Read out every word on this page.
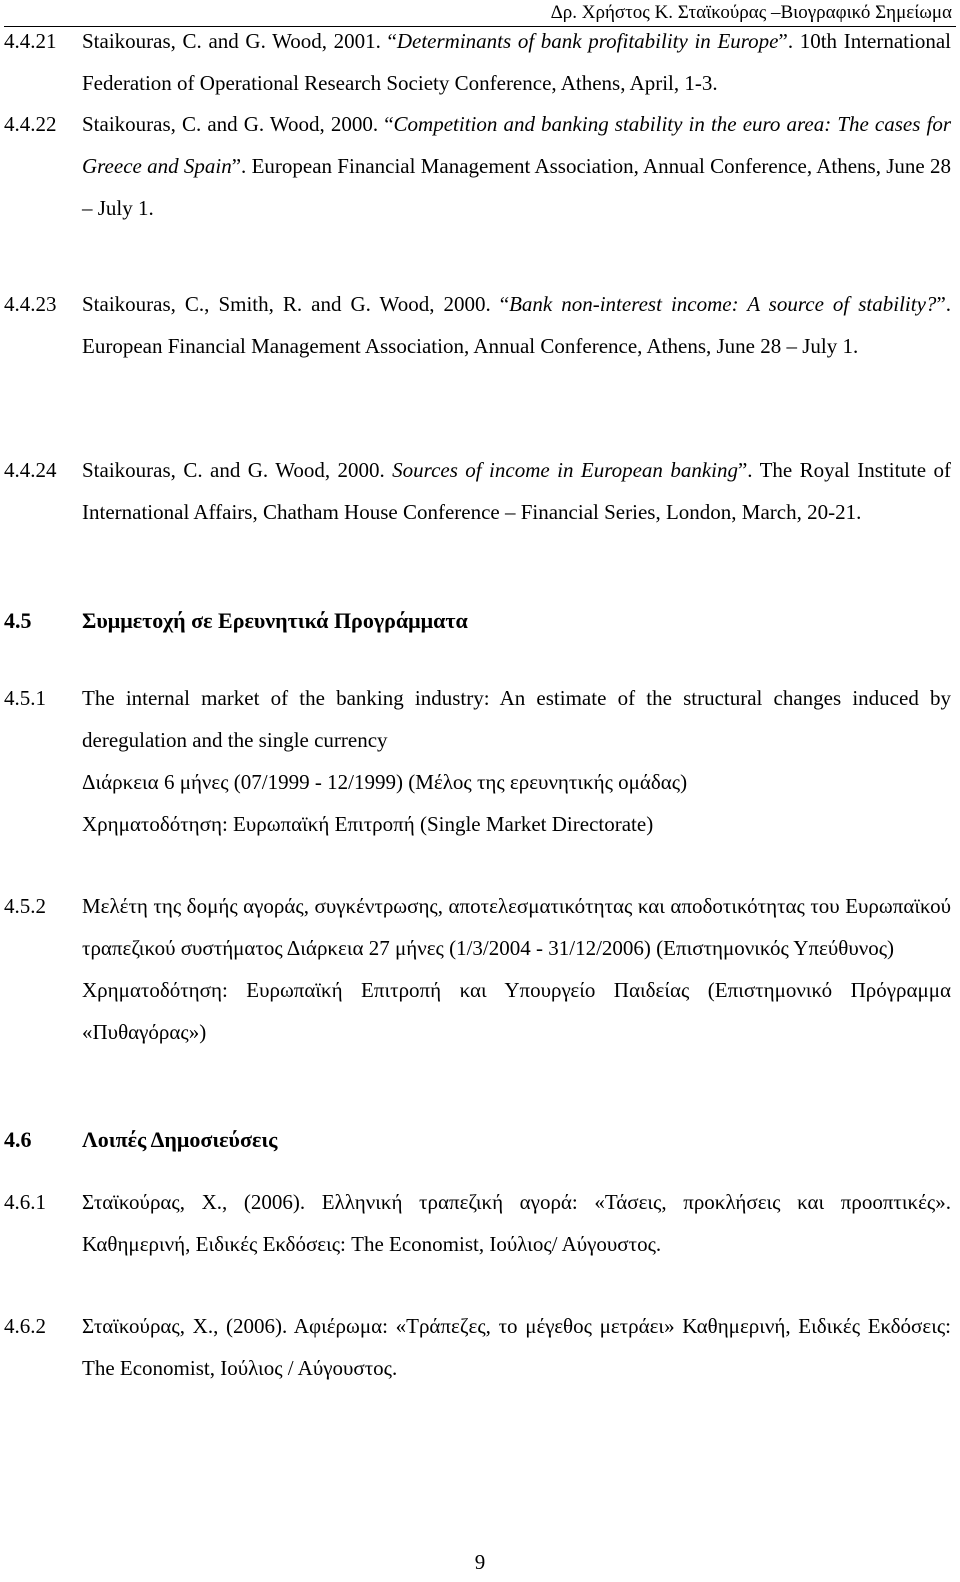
Δρ. Χρήστος Κ. Σταϊκούρας –Βιογραφικό Σημείωμα
4.4.21 Staikouras, C. and G. Wood, 2001. “Determinants of bank profitability in Europe”. 10th International Federation of Operational Research Society Conference, Athens, April, 1-3.
4.4.22 Staikouras, C. and G. Wood, 2000. “Competition and banking stability in the euro area: The cases for Greece and Spain”. European Financial Management Association, Annual Conference, Athens, June 28 – July 1.
4.4.23 Staikouras, C., Smith, R. and G. Wood, 2000. “Bank non-interest income: A source of stability?”. European Financial Management Association, Annual Conference, Athens, June 28 – July 1.
4.4.24 Staikouras, C. and G. Wood, 2000. Sources of income in European banking”. The Royal Institute of International Affairs, Chatham House Conference – Financial Series, London, March, 20-21.
4.5 Συμμετοχή σε Ερευνητικά Προγράμματα
4.5.1 The internal market of the banking industry: An estimate of the structural changes induced by deregulation and the single currency
Διάρκεια 6 μήνες (07/1999 - 12/1999) (Μέλος της ερευνητικής ομάδας)
Χρηματοδότηση: Ευρωπαϊκή Επιτροπή (Single Market Directorate)
4.5.2 Μελέτη της δομής αγοράς, συγκέντρωσης, αποτελεσματικότητας και αποδοτικότητας του Ευρωπαϊκού τραπεζικού συστήματος Διάρκεια 27 μήνες (1/3/2004 - 31/12/2006) (Επιστημονικός Υπεύθυνος)
Χρηματοδότηση: Ευρωπαϊκή Επιτροπή και Υπουργείο Παιδείας (Επιστημονικό Πρόγραμμα «Πυθαγόρας»)
4.6 Λοιπές Δημοσιεύσεις
4.6.1 Σταϊκούρας, Χ., (2006). Ελληνική τραπεζική αγορά: «Τάσεις, προκλήσεις και προοπτικές». Καθημερινή, Ειδικές Εκδόσεις: The Economist, Ιούλιος/ Αύγουστος.
4.6.2 Σταϊκούρας, Χ., (2006). Αφιέρωμα: «Τράπεζες, το μέγεθος μετράει» Καθημερινή, Ειδικές Εκδόσεις: The Economist, Ιούλιος / Αύγουστος.
9
